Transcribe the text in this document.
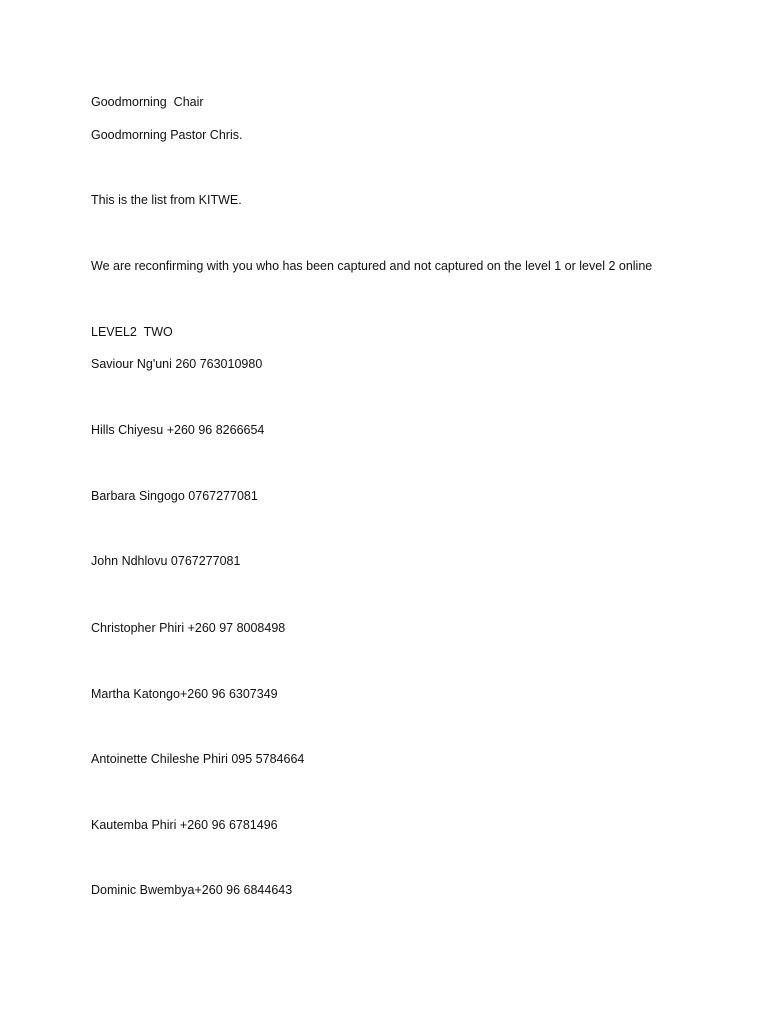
Goodmorning  Chair
Goodmorning Pastor Chris.
This is the list from KITWE.
We are reconfirming with you who has been captured and not captured on the level 1 or level 2 online
LEVEL2  TWO
Saviour Ng'uni 260 763010980
Hills Chiyesu +260 96 8266654
Barbara Singogo 0767277081
John Ndhlovu 0767277081
Christopher Phiri +260 97 8008498
Martha Katongo+260 96 6307349
Antoinette Chileshe Phiri 095 5784664
Kautemba Phiri +260 96 6781496
Dominic Bwembya+260 96 6844643
